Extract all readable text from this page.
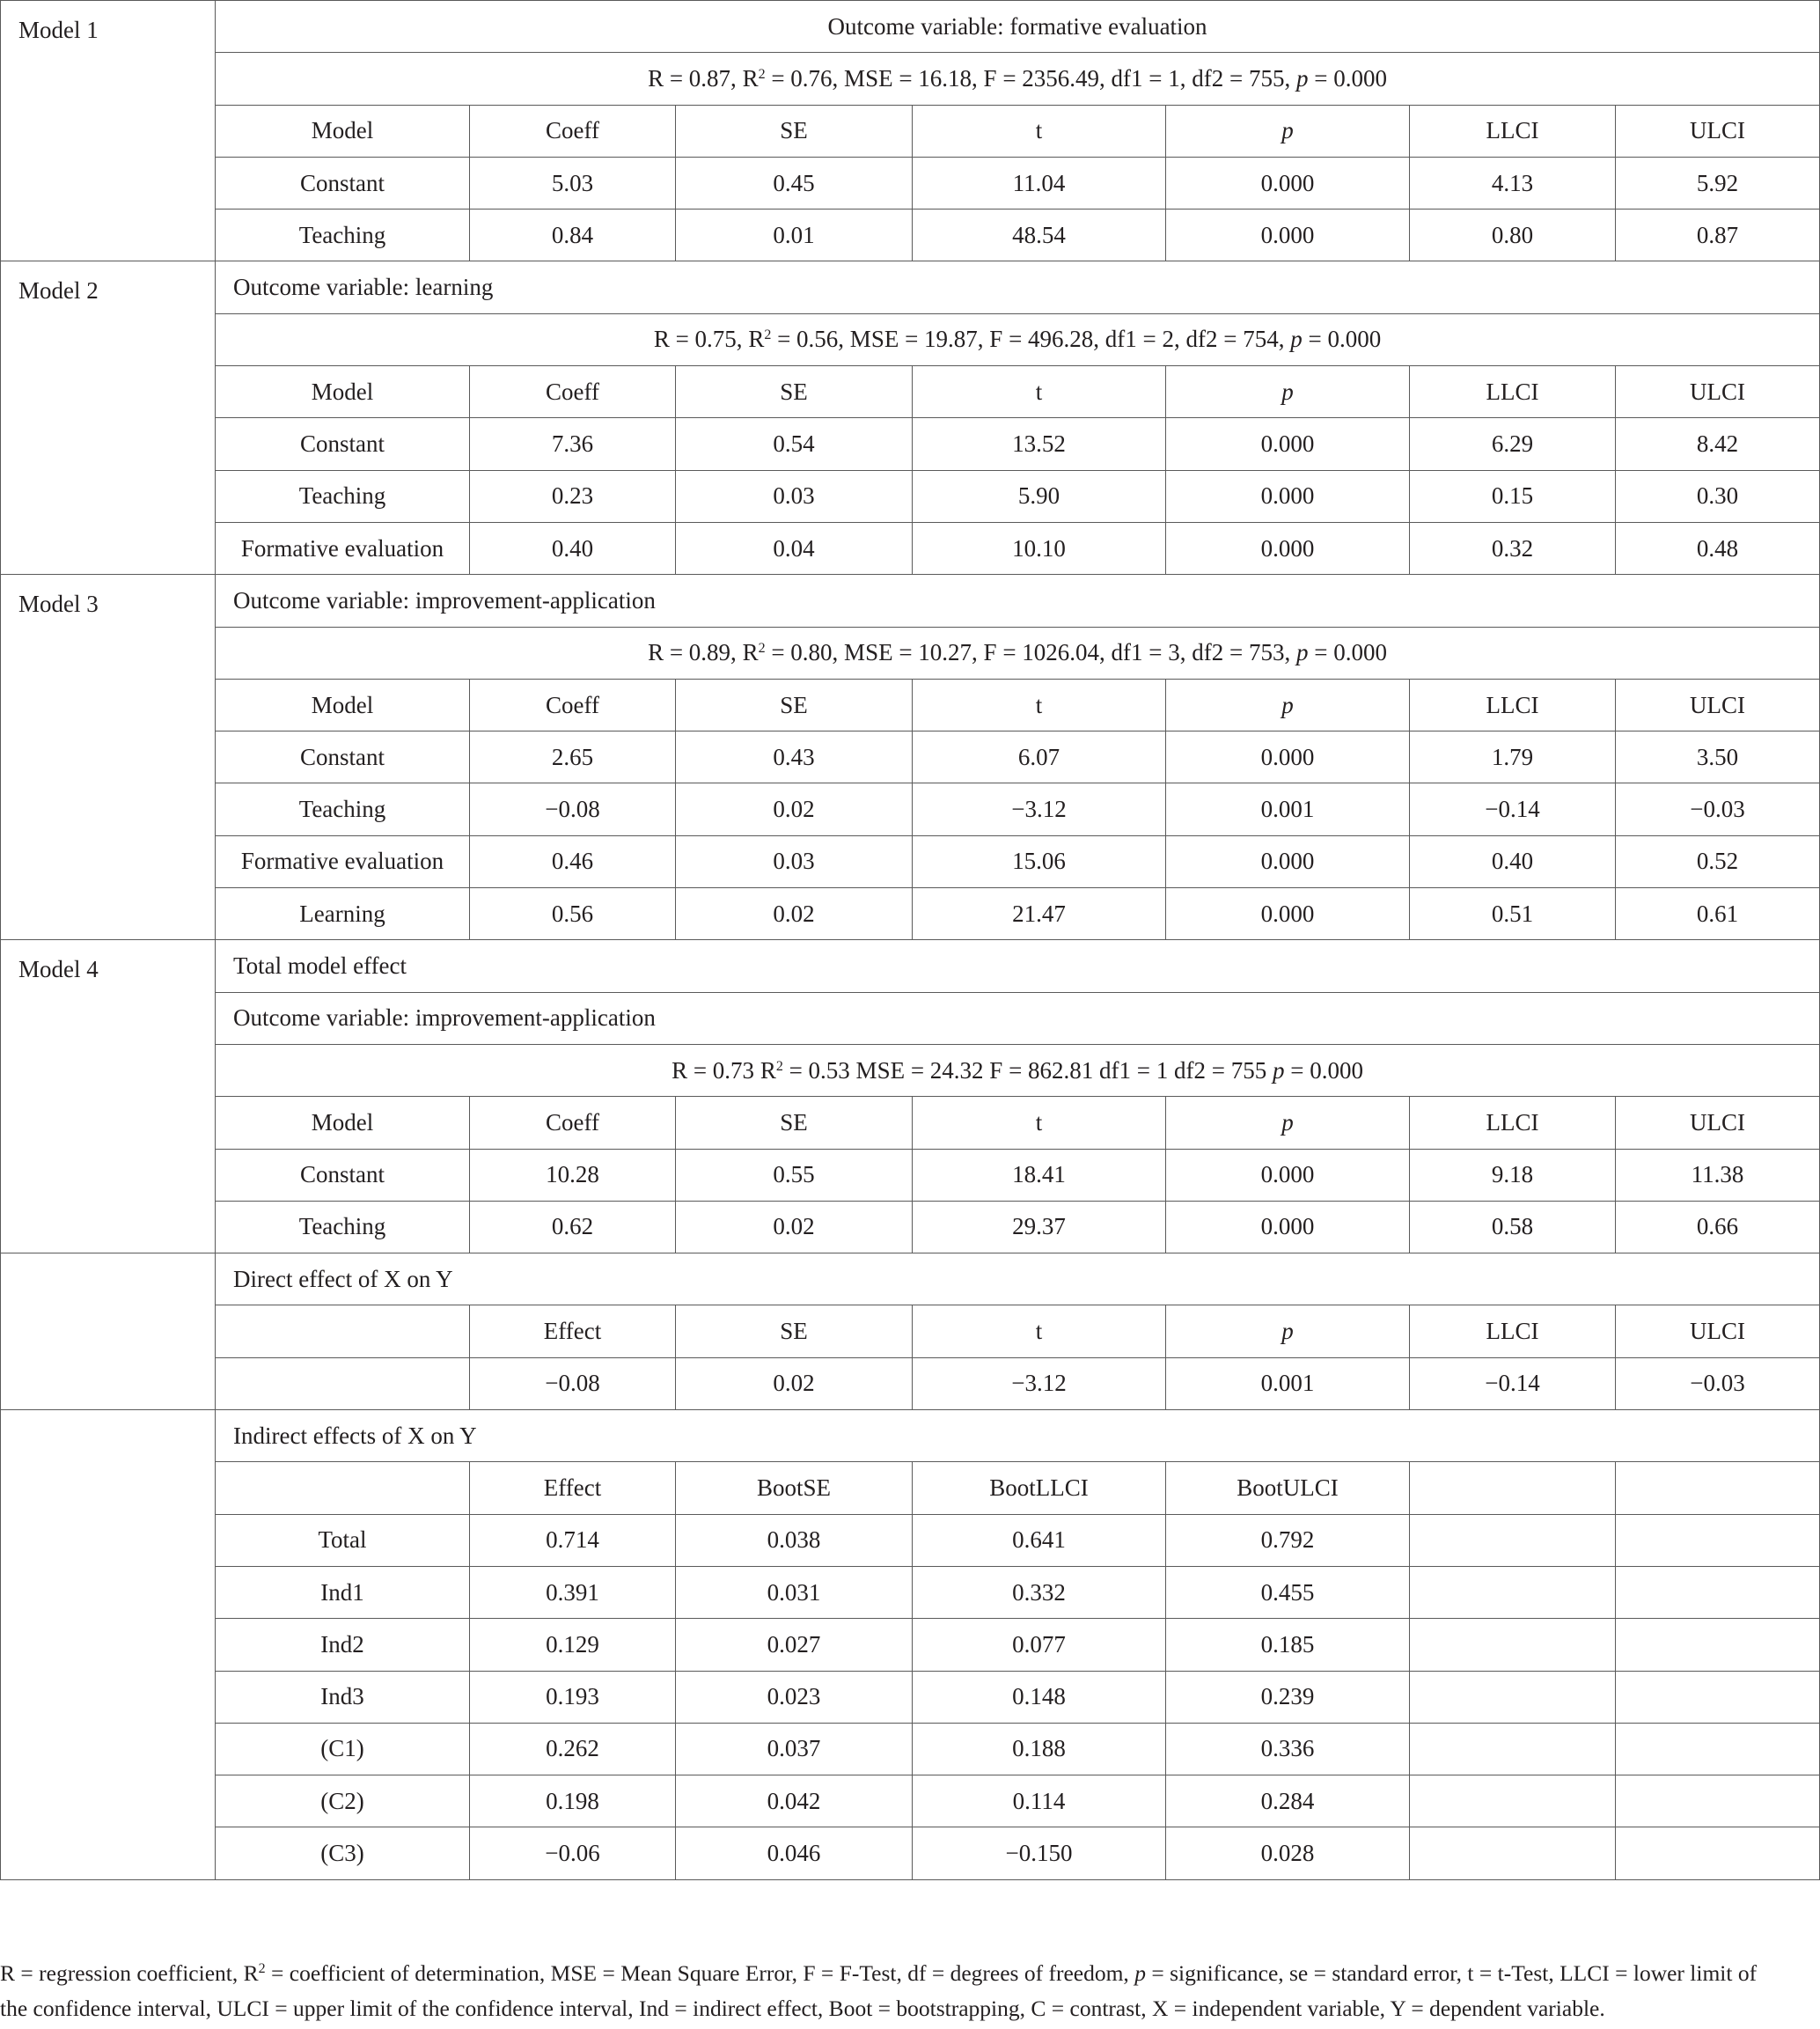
Model 1	Outcome variable: formative evaluation						
	R = 0.87, $R^2 = 0.76$, MSE = 16.18, F = 2356.49, df1 = 1, df2 = 755, p = 0.000						
	Model	Coeff	SE	t	p	LLCI	ULCI
	Constant	5.03	0.45	11.04	0.000	4.13	5.92
	Teaching	0.84	0.01	48.54	0.000	0.80	0.87
Model 2	Outcome variable: learning						
	R = 0.75, $R^2 = 0.56$, MSE = 19.87, F = 496.28, df1 = 2, df2 = 754, p = 0.000						
	Model	Coeff	SE	t	p	LLCI	ULCI
	Constant	7.36	0.54	13.52	0.000	6.29	8.42
	Teaching	0.23	0.03	5.90	0.000	0.15	0.30
	Formative evaluation	0.40	0.04	10.10	0.000	0.32	0.48
Model 3	Outcome variable: improvement-application						
	R = 0.89, $R^2 = 0.80$, MSE = 10.27, F = 1026.04, df1 = 3, df2 = 753, p = 0.000						
	Model	Coeff	SE	t	p	LLCI	ULCI
	Constant	2.65	0.43	6.07	0.000	1.79	3.50
	Teaching	−0.08	0.02	−3.12	0.001	−0.14	−0.03
	Formative evaluation	0.46	0.03	15.06	0.000	0.40	0.52
	Learning	0.56	0.02	21.47	0.000	0.51	0.61
Model 4	Total model effect						
	Outcome variable: improvement-application						
	R = 0.73 $R^2 = 0.53$ MSE = 24.32 F = 862.81 df1 = 1 df2 = 755 p = 0.000						
	Model	Coeff	SE	t	p	LLCI	ULCI
	Constant	10.28	0.55	18.41	0.000	9.18	11.38
	Teaching	0.62	0.02	29.37	0.000	0.58	0.66
	Direct effect of X on Y						
		Effect	SE	t	p	LLCI	ULCI
		−0.08	0.02	−3.12	0.001	−0.14	−0.03
	Indirect effects of X on Y						
		Effect	BootSE	BootLLCI	BootULCI		
	Total	0.714	0.038	0.641	0.792		
	Ind1	0.391	0.031	0.332	0.455		
	Ind2	0.129	0.027	0.077	0.185		
	Ind3	0.193	0.023	0.148	0.239		
	(C1)	0.262	0.037	0.188	0.336		
	(C2)	0.198	0.042	0.114	0.284		
	(C3)	−0.06	0.046	−0.150	0.028		

R = regression coefficient, $R^2$ = coefficient of determination, MSE = Mean Square Error, F = F-Test, df = degrees of freedom, p = significance, se = standard error, t = t-Test, LLCI = lower limit of the confidence interval, ULCI = upper limit of the confidence interval, Ind = indirect effect, Boot = bootstrapping, C = contrast, X = independent variable, Y = dependent variable.
